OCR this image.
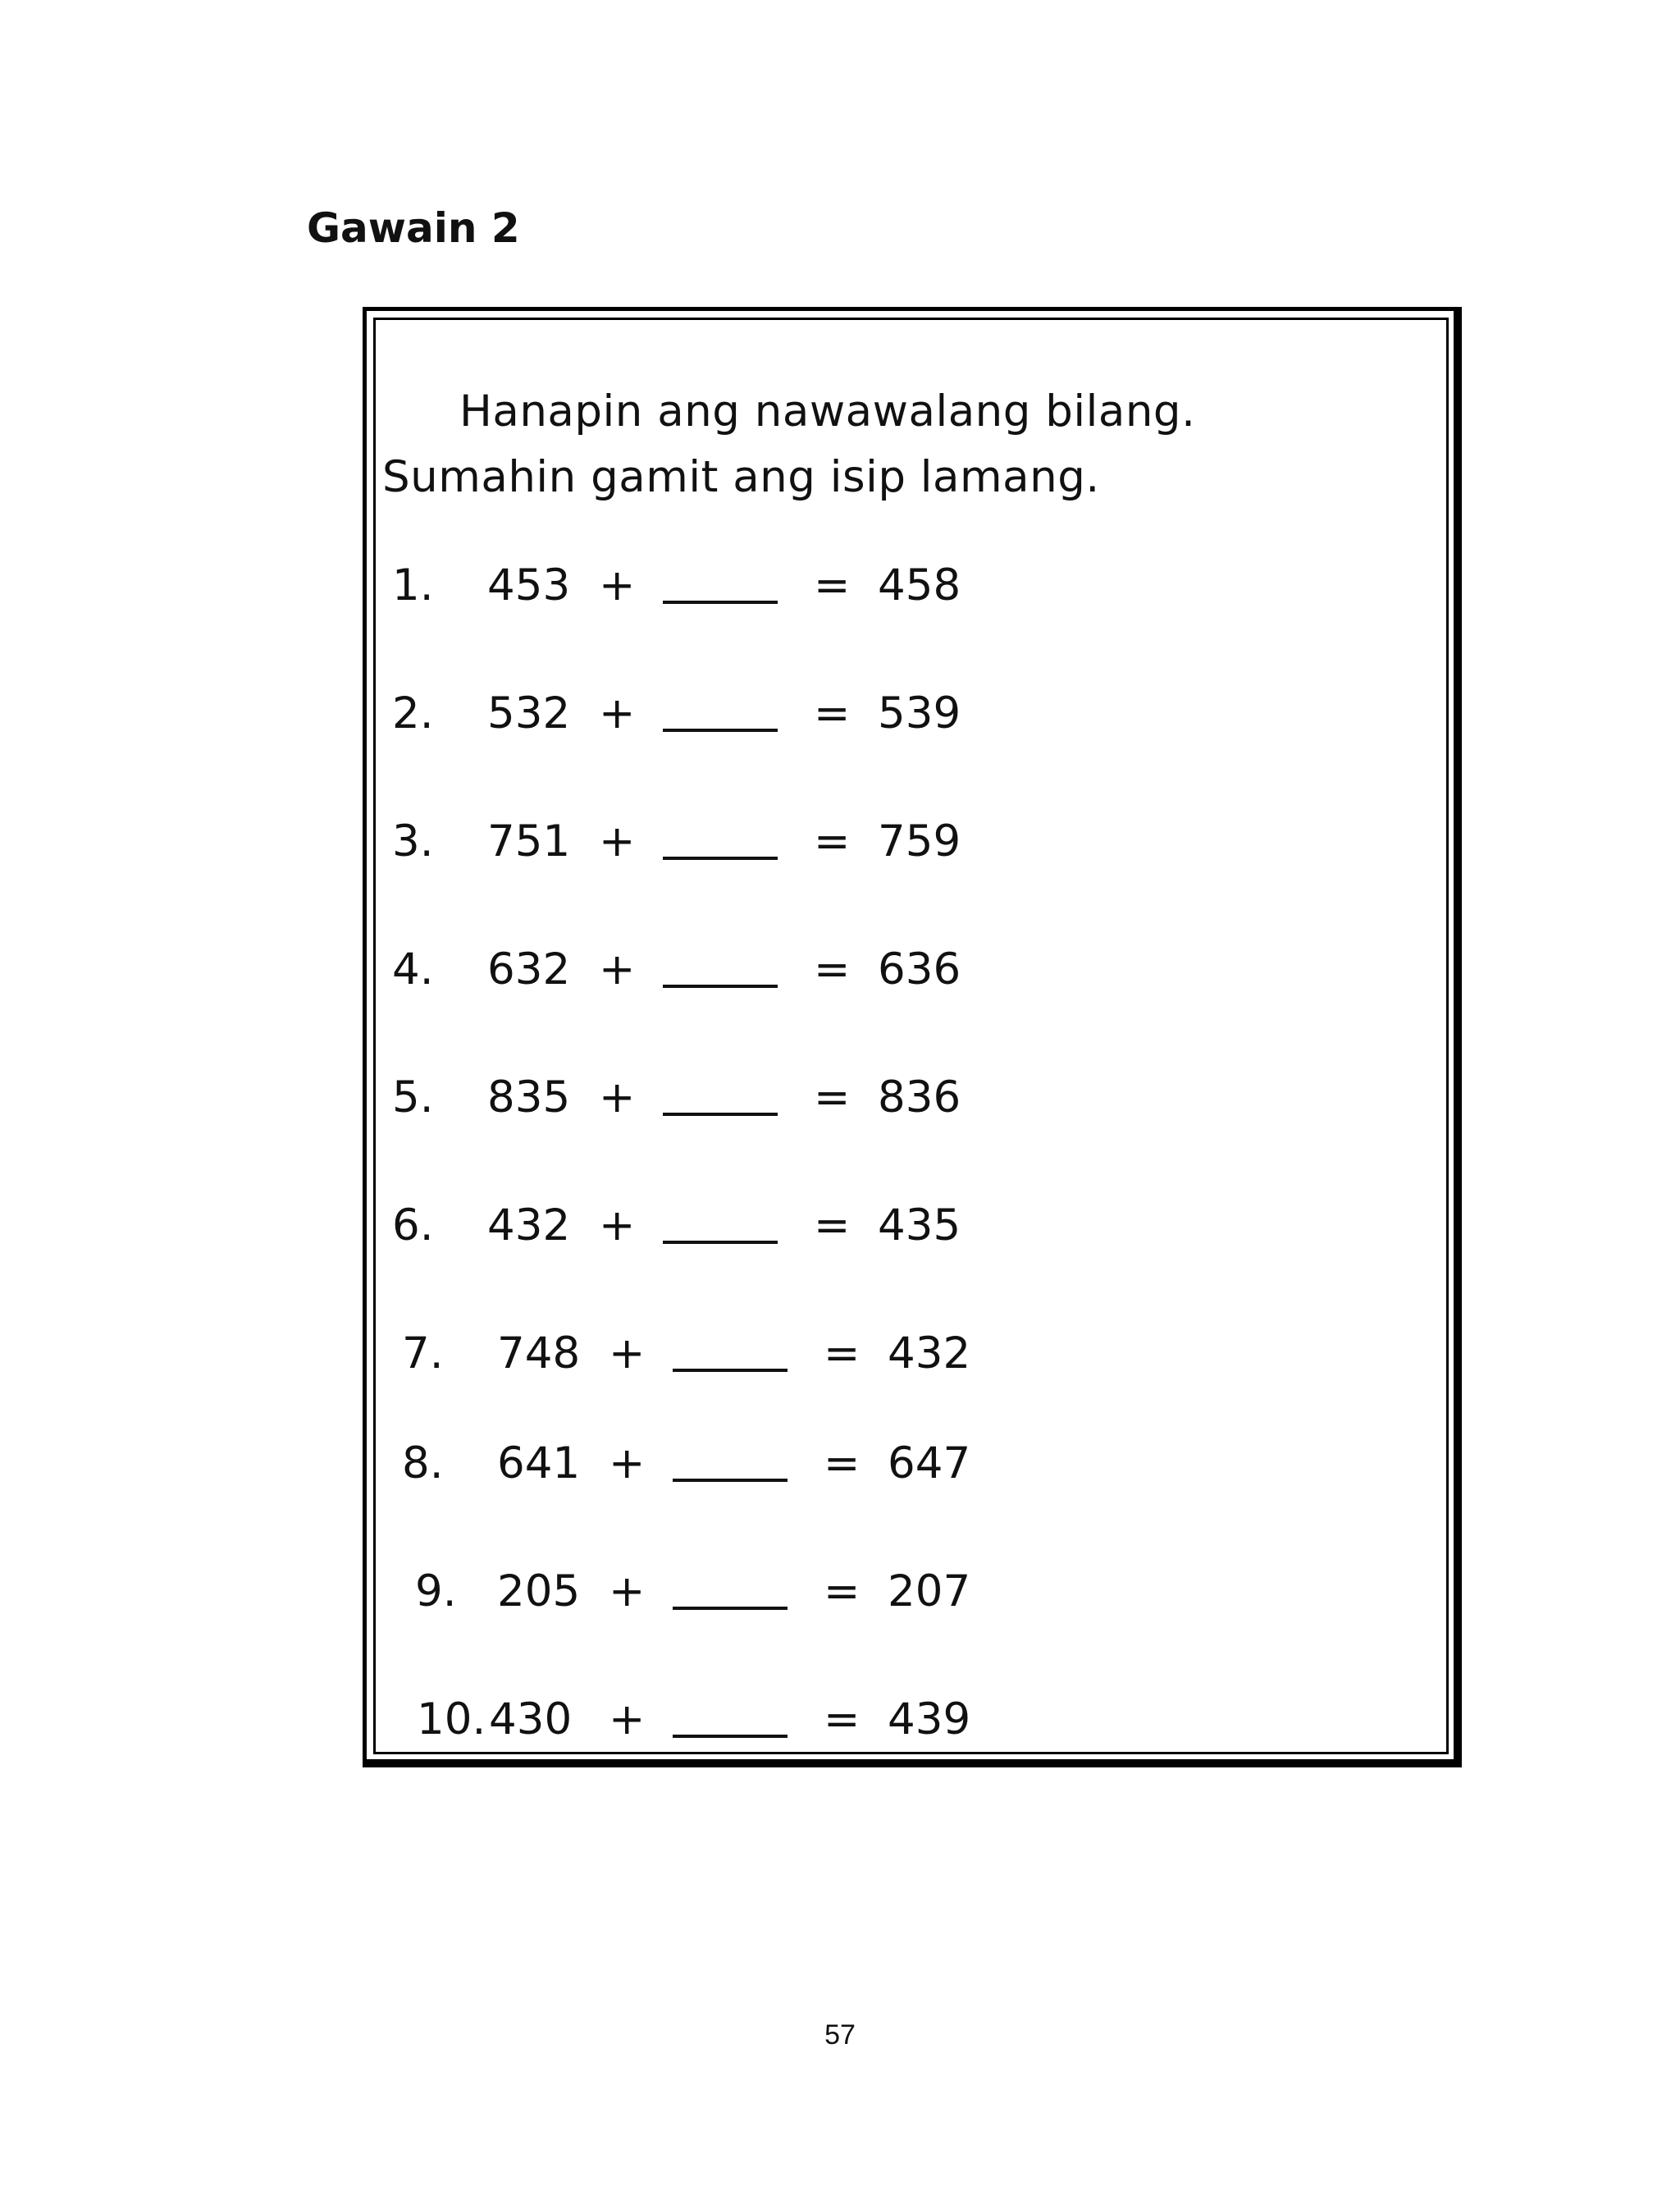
Gawain 2
Hanapin ang nawawalang bilang.
Sumahin gamit ang isip lamang.
1. 453 +	= 458
2. 532 +	= 539
3. 751 +	= 759
4. 632 +	= 636
5. 835 +	= 836
6. 432 +	= 435
7. 748 +	= 432
8. 641 +	= 647
9. 205 +	= 207
10. 430 +	= 439
57
